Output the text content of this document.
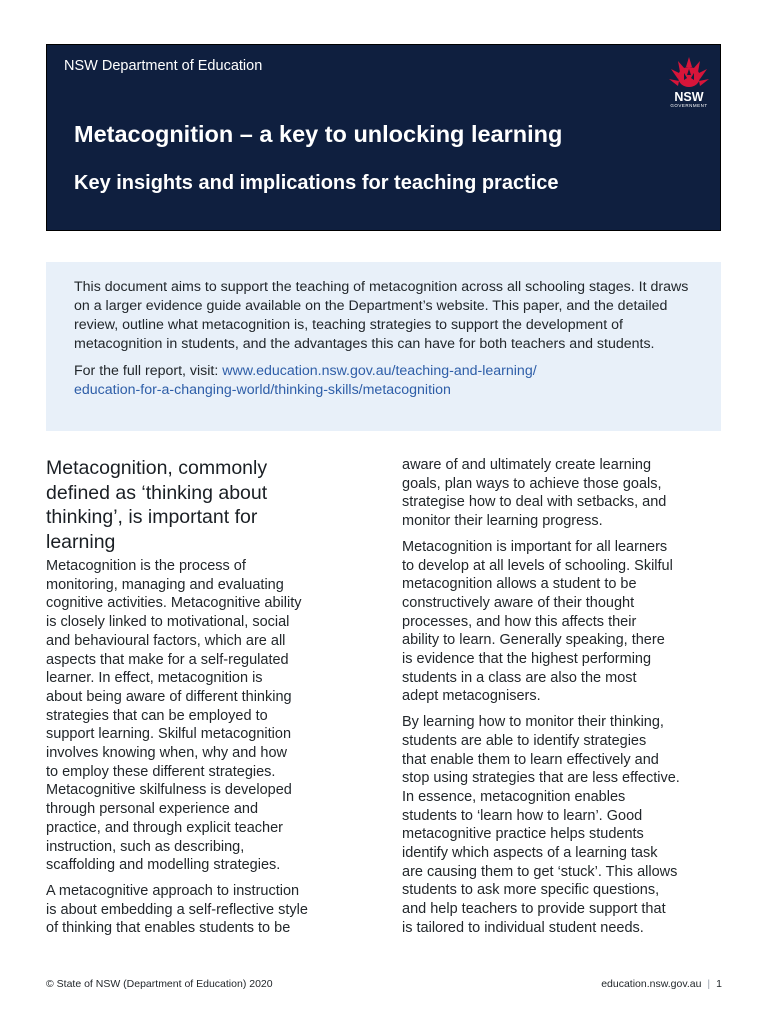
NSW Department of Education
NSW
GOVERNMENT
Metacognition – a key to unlocking learning
Key insights and implications for teaching practice

This document aims to support the teaching of metacognition across all schooling stages. It draws on a larger evidence guide available on the Department’s website. This paper, and the detailed review, outline what metacognition is, teaching strategies to support the development of metacognition in students, and the advantages this can have for both teachers and students.

For the full report, visit: www.education.nsw.gov.au/teaching-and-learning/
education-for-a-changing-world/thinking-skills/metacognition

Metacognition, commonly
defined as ‘thinking about
thinking’, is important for
learning

Metacognition is the process of
monitoring, managing and evaluating
cognitive activities. Metacognitive ability
is closely linked to motivational, social
and behavioural factors, which are all
aspects that make for a self-regulated
learner. In effect, metacognition is
about being aware of different thinking
strategies that can be employed to
support learning. Skilful metacognition
involves knowing when, why and how
to employ these different strategies.
Metacognitive skilfulness is developed
through personal experience and
practice, and through explicit teacher
instruction, such as describing,
scaffolding and modelling strategies.

A metacognitive approach to instruction
is about embedding a self-reflective style
of thinking that enables students to be

aware of and ultimately create learning
goals, plan ways to achieve those goals,
strategise how to deal with setbacks, and
monitor their learning progress.

Metacognition is important for all learners
to develop at all levels of schooling. Skilful
metacognition allows a student to be
constructively aware of their thought
processes, and how this affects their
ability to learn. Generally speaking, there
is evidence that the highest performing
students in a class are also the most
adept metacognisers.

By learning how to monitor their thinking,
students are able to identify strategies
that enable them to learn effectively and
stop using strategies that are less effective.
In essence, metacognition enables
students to ‘learn how to learn’. Good
metacognitive practice helps students
identify which aspects of a learning task
are causing them to get ‘stuck’. This allows
students to ask more specific questions,
and help teachers to provide support that
is tailored to individual student needs.

© State of NSW (Department of Education) 2020	education.nsw.gov.au | 1
